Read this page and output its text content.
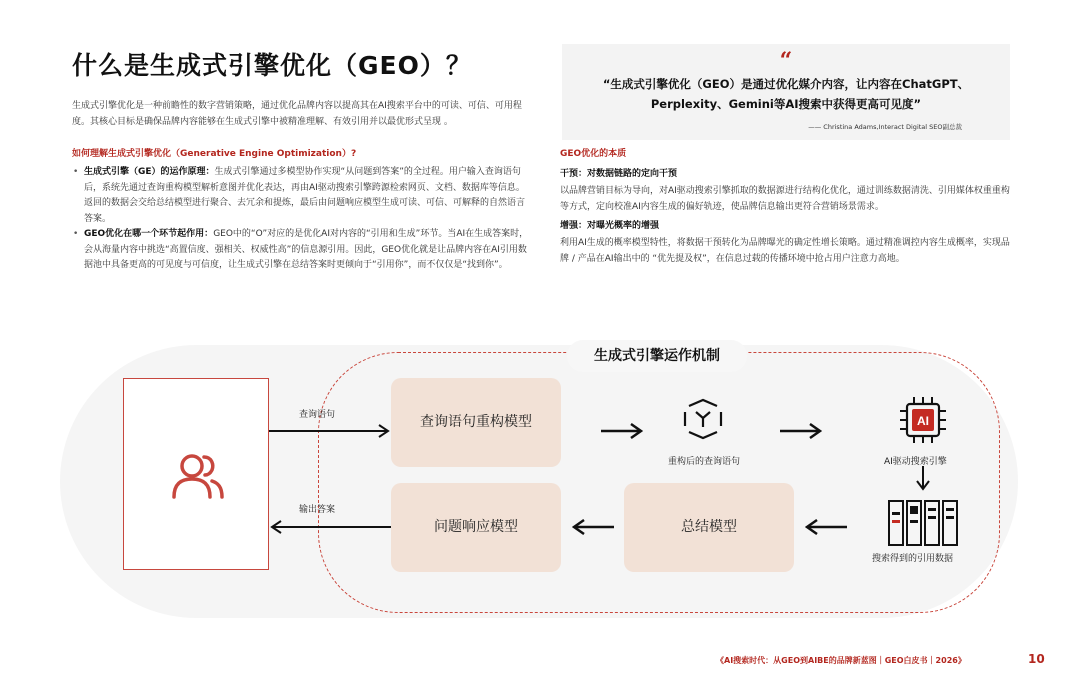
什么是生成式引擎优化（GEO）？

生成式引擎优化是一种前瞻性的数字营销策略，通过优化品牌内容以提高其在AI搜索平台中的可读、可信、可用程度。其核心目标是确保品牌内容能够在生成式引擎中被精准理解、有效引用并以最优形式呈现 。

如何理解生成式引擎优化（Generative Engine Optimization）?
• 生成式引擎（GE）的运作原理：生成式引擎通过多模型协作实现“从问题到答案”的全过程。用户输入查询语句后，系统先通过查询重构模型解析意图并优化表达，再由AI驱动搜索引擎跨源检索网页、文档、数据库等信息。返回的数据会交给总结模型进行聚合、去冗余和提炼，最后由问题响应模型生成可读、可信、可解释的自然语言答案。
• GEO优化在哪一个环节起作用：GEO中的“O”对应的是优化AI对内容的“引用和生成”环节。当AI在生成答案时，会从海量内容中挑选“高置信度、强相关、权威性高”的信息源引用。因此，GEO优化就是让品牌内容在AI引用数据池中具备更高的可见度与可信度，让生成式引擎在总结答案时更倾向于“引用你”，而不仅仅是“找到你”。
“
“生成式引擎优化（GEO）是通过优化媒介内容，让内容在ChatGPT、Perplexity、Gemini等AI搜索中获得更高可见度”
—— Christina Adams,Interact Digital SEO副总裁
GEO优化的本质
干预：对数据链路的定向干预

以品牌营销目标为导向，对AI驱动搜索引擎抓取的数据源进行结构化优化，通过训练数据清洗、引用媒体权重重构等方式，定向校准AI内容生成的偏好轨迹，使品牌信息输出更符合营销场景需求。

增强：对曝光概率的增强

利用AI生成的概率模型特性，将数据干预转化为品牌曝光的确定性增长策略。通过精准调控内容生成概率，实现品牌 / 产品在AI输出中的 “优先提及权”，在信息过载的传播环境中抢占用户注意力高地。

生成式引擎运作机制
查询语句
输出答案
查询语句重构模型
问题响应模型	总结模型
重构后的查询语句
AI
AI驱动搜索引擎
搜索得到的引用数据
《AI搜索时代：从GEO到AIBE的品牌新蓝图｜GEO白皮书｜2026》	10
